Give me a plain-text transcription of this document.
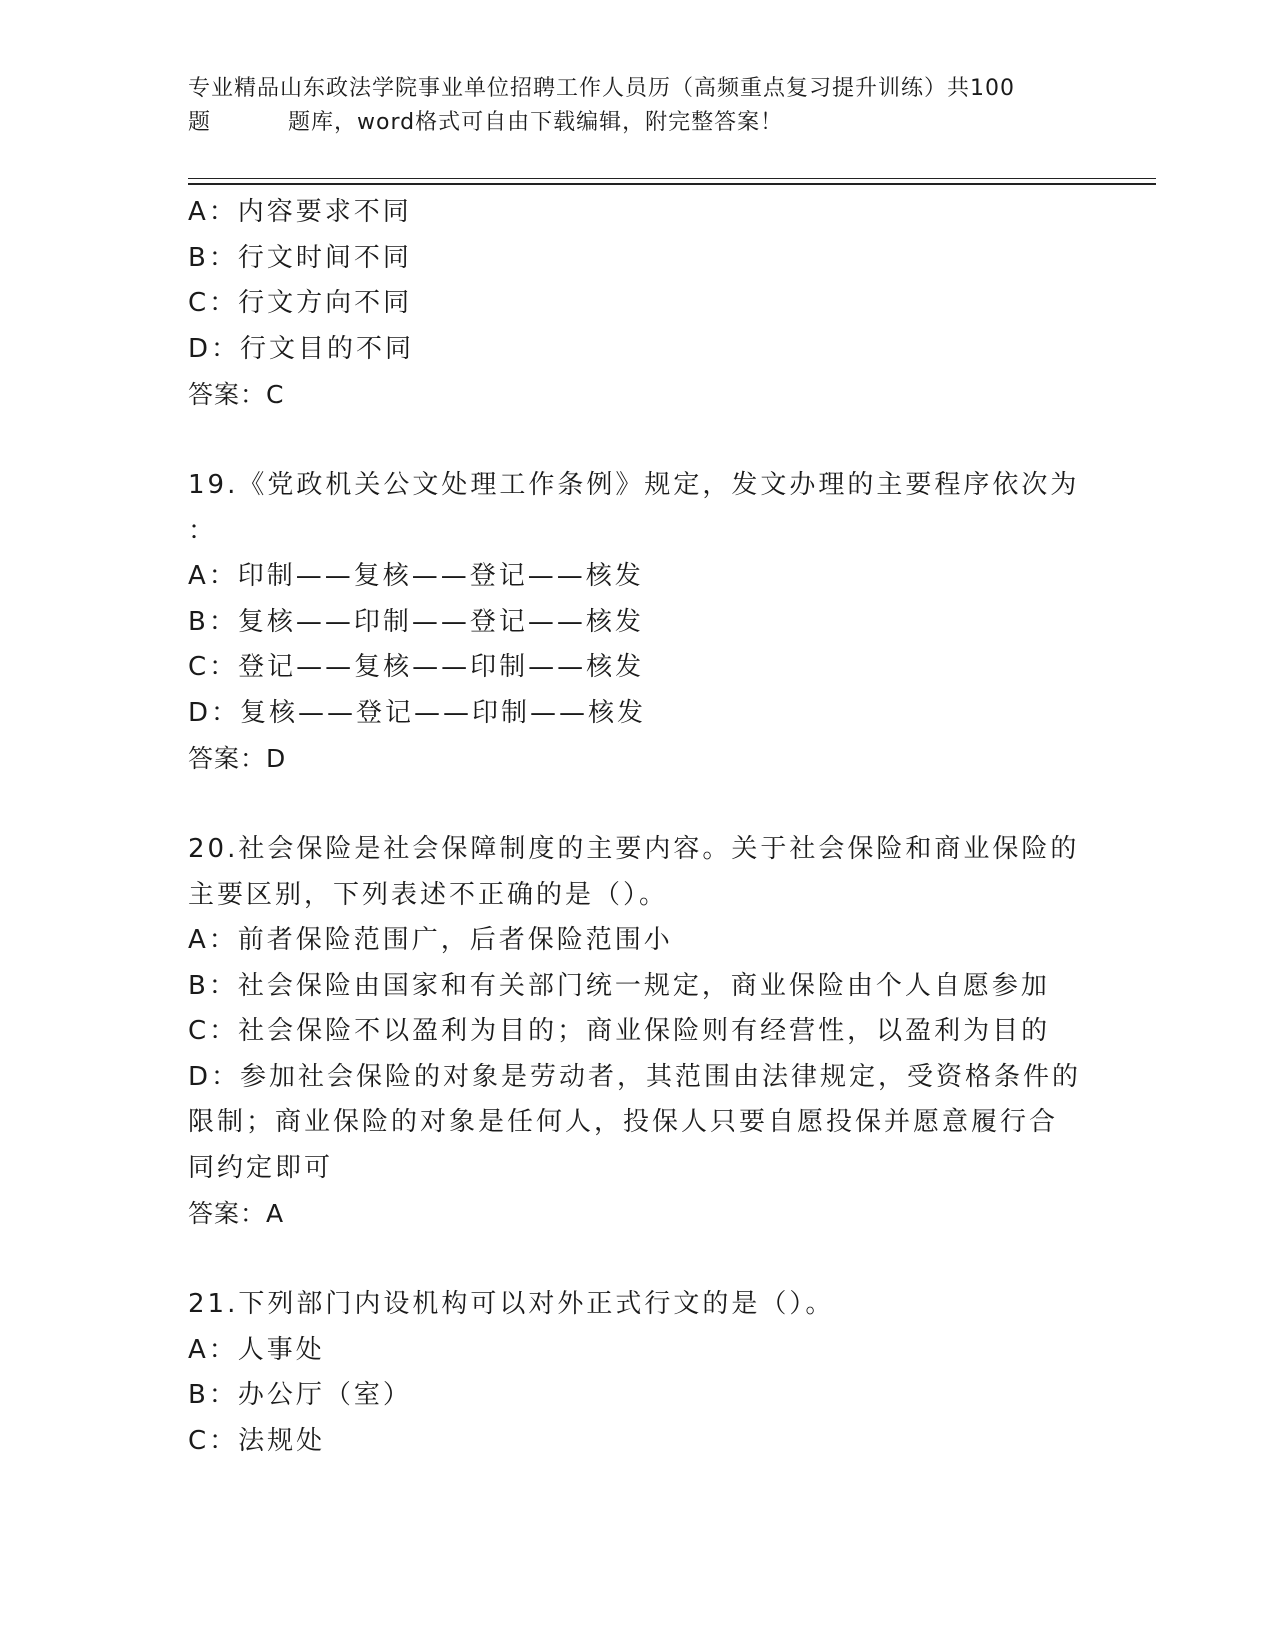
专业精品山东政法学院事业单位招聘工作人员历（高频重点复习提升训练）共100
题	题库，word格式可自由下载编辑，附完整答案！
A：内容要求不同
B：行文时间不同
C：行文方向不同
D：行文目的不同
答案：C
19.《党政机关公文处理工作条例》规定，发文办理的主要程序依次为
：
A：印制——复核——登记——核发
B：复核——印制——登记——核发
C：登记——复核——印制——核发
D：复核——登记——印制——核发
答案：D
20.社会保险是社会保障制度的主要内容。关于社会保险和商业保险的
主要区别，下列表述不正确的是（）。
A：前者保险范围广，后者保险范围小
B：社会保险由国家和有关部门统一规定，商业保险由个人自愿参加
C：社会保险不以盈利为目的；商业保险则有经营性，以盈利为目的
D：参加社会保险的对象是劳动者，其范围由法律规定，受资格条件的
限制；商业保险的对象是任何人，投保人只要自愿投保并愿意履行合
同约定即可
答案：A
21.下列部门内设机构可以对外正式行文的是（）。
A：人事处
B：办公厅（室）
C：法规处
